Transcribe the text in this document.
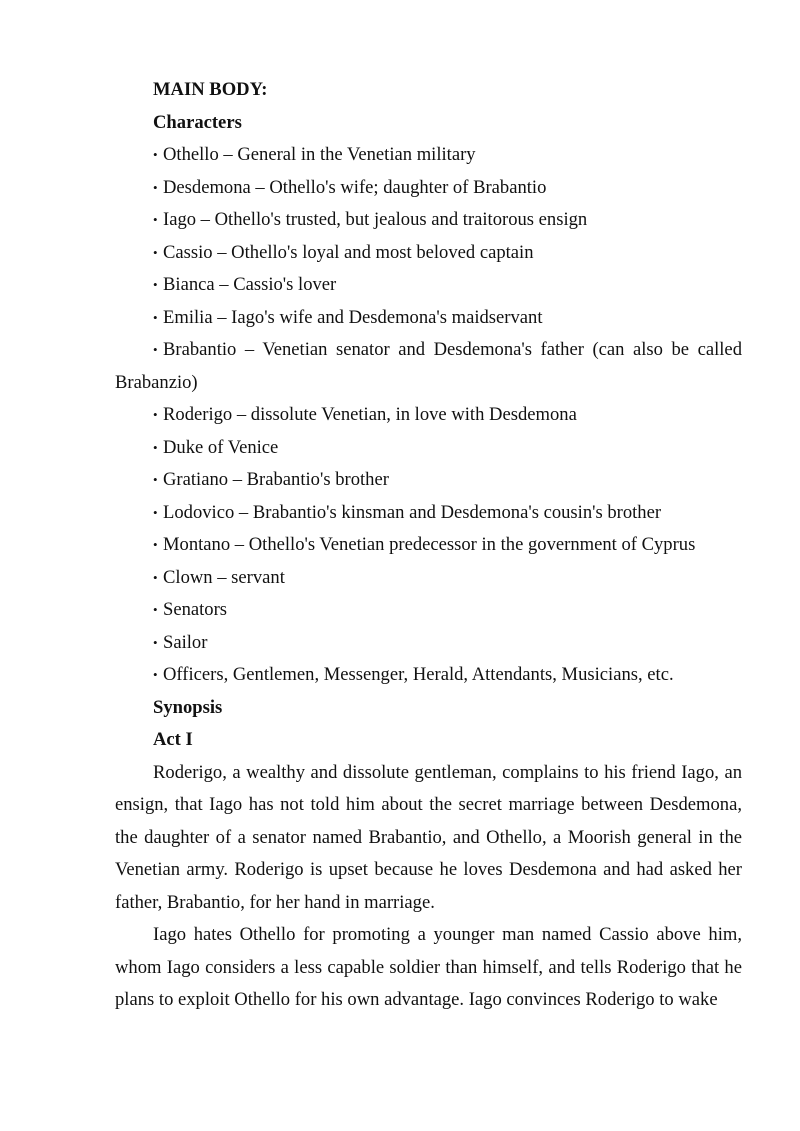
MAIN BODY:
Characters
• Othello – General in the Venetian military
• Desdemona – Othello's wife; daughter of Brabantio
• Iago – Othello's trusted, but jealous and traitorous ensign
• Cassio – Othello's loyal and most beloved captain
• Bianca – Cassio's lover
• Emilia – Iago's wife and Desdemona's maidservant
• Brabantio – Venetian senator and Desdemona's father (can also be called Brabanzio)
• Roderigo – dissolute Venetian, in love with Desdemona
• Duke of Venice
• Gratiano – Brabantio's brother
• Lodovico – Brabantio's kinsman and Desdemona's cousin's brother
• Montano – Othello's Venetian predecessor in the government of Cyprus
• Clown – servant
• Senators
• Sailor
• Officers, Gentlemen, Messenger, Herald, Attendants, Musicians, etc.
Synopsis
Act I

Roderigo, a wealthy and dissolute gentleman, complains to his friend Iago, an ensign, that Iago has not told him about the secret marriage between Desdemona, the daughter of a senator named Brabantio, and Othello, a Moorish general in the Venetian army. Roderigo is upset because he loves Desdemona and had asked her father, Brabantio, for her hand in marriage.

Iago hates Othello for promoting a younger man named Cassio above him, whom Iago considers a less capable soldier than himself, and tells Roderigo that he plans to exploit Othello for his own advantage. Iago convinces Roderigo to wake
